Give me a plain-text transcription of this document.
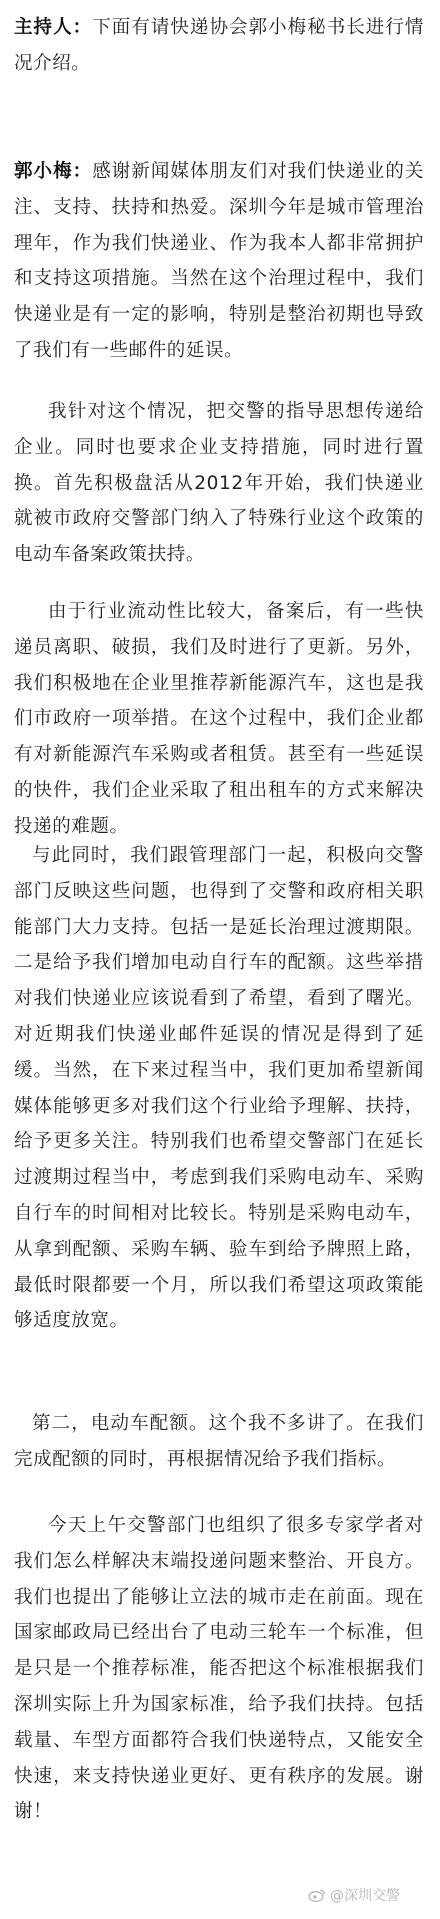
主持人：下面有请快递协会郭小梅秘书长进行情况介绍。

郭小梅：感谢新闻媒体朋友们对我们快递业的关注、支持、扶持和热爱。深圳今年是城市管理治理年，作为我们快递业、作为我本人都非常拥护和支持这项措施。当然在这个治理过程中，我们快递业是有一定的影响，特别是整治初期也导致了我们有一些邮件的延误。

我针对这个情况，把交警的指导思想传递给企业。同时也要求企业支持措施，同时进行置换。首先积极盘活从2012年开始，我们快递业就被市政府交警部门纳入了特殊行业这个政策的电动车备案政策扶持。

由于行业流动性比较大，备案后，有一些快递员离职、破损，我们及时进行了更新。另外，我们积极地在企业里推荐新能源汽车，这也是我们市政府一项举措。在这个过程中，我们企业都有对新能源汽车采购或者租赁。甚至有一些延误的快件，我们企业采取了租出租车的方式来解决投递的难题。

与此同时，我们跟管理部门一起，积极向交警部门反映这些问题，也得到了交警和政府相关职能部门大力支持。包括一是延长治理过渡期限。二是给予我们增加电动自行车的配额。这些举措对我们快递业应该说看到了希望，看到了曙光。对近期我们快递业邮件延误的情况是得到了延缓。当然，在下来过程当中，我们更加希望新闻媒体能够更多对我们这个行业给予理解、扶持，给予更多关注。特别我们也希望交警部门在延长过渡期过程当中，考虑到我们采购电动车、采购自行车的时间相对比较长。特别是采购电动车，从拿到配额、采购车辆、验车到给予牌照上路，最低时限都要一个月，所以我们希望这项政策能够适度放宽。

第二，电动车配额。这个我不多讲了。在我们完成配额的同时，再根据情况给予我们指标。

今天上午交警部门也组织了很多专家学者对我们怎么样解决末端投递问题来整治、开良方。我们也提出了能够让立法的城市走在前面。现在国家邮政局已经出台了电动三轮车一个标准，但是只是一个推荐标准，能否把这个标准根据我们深圳实际上升为国家标准，给予我们扶持。包括载量、车型方面都符合我们快递特点，又能安全快速，来支持快递业更好、更有秩序的发展。谢谢！

@深圳交警
